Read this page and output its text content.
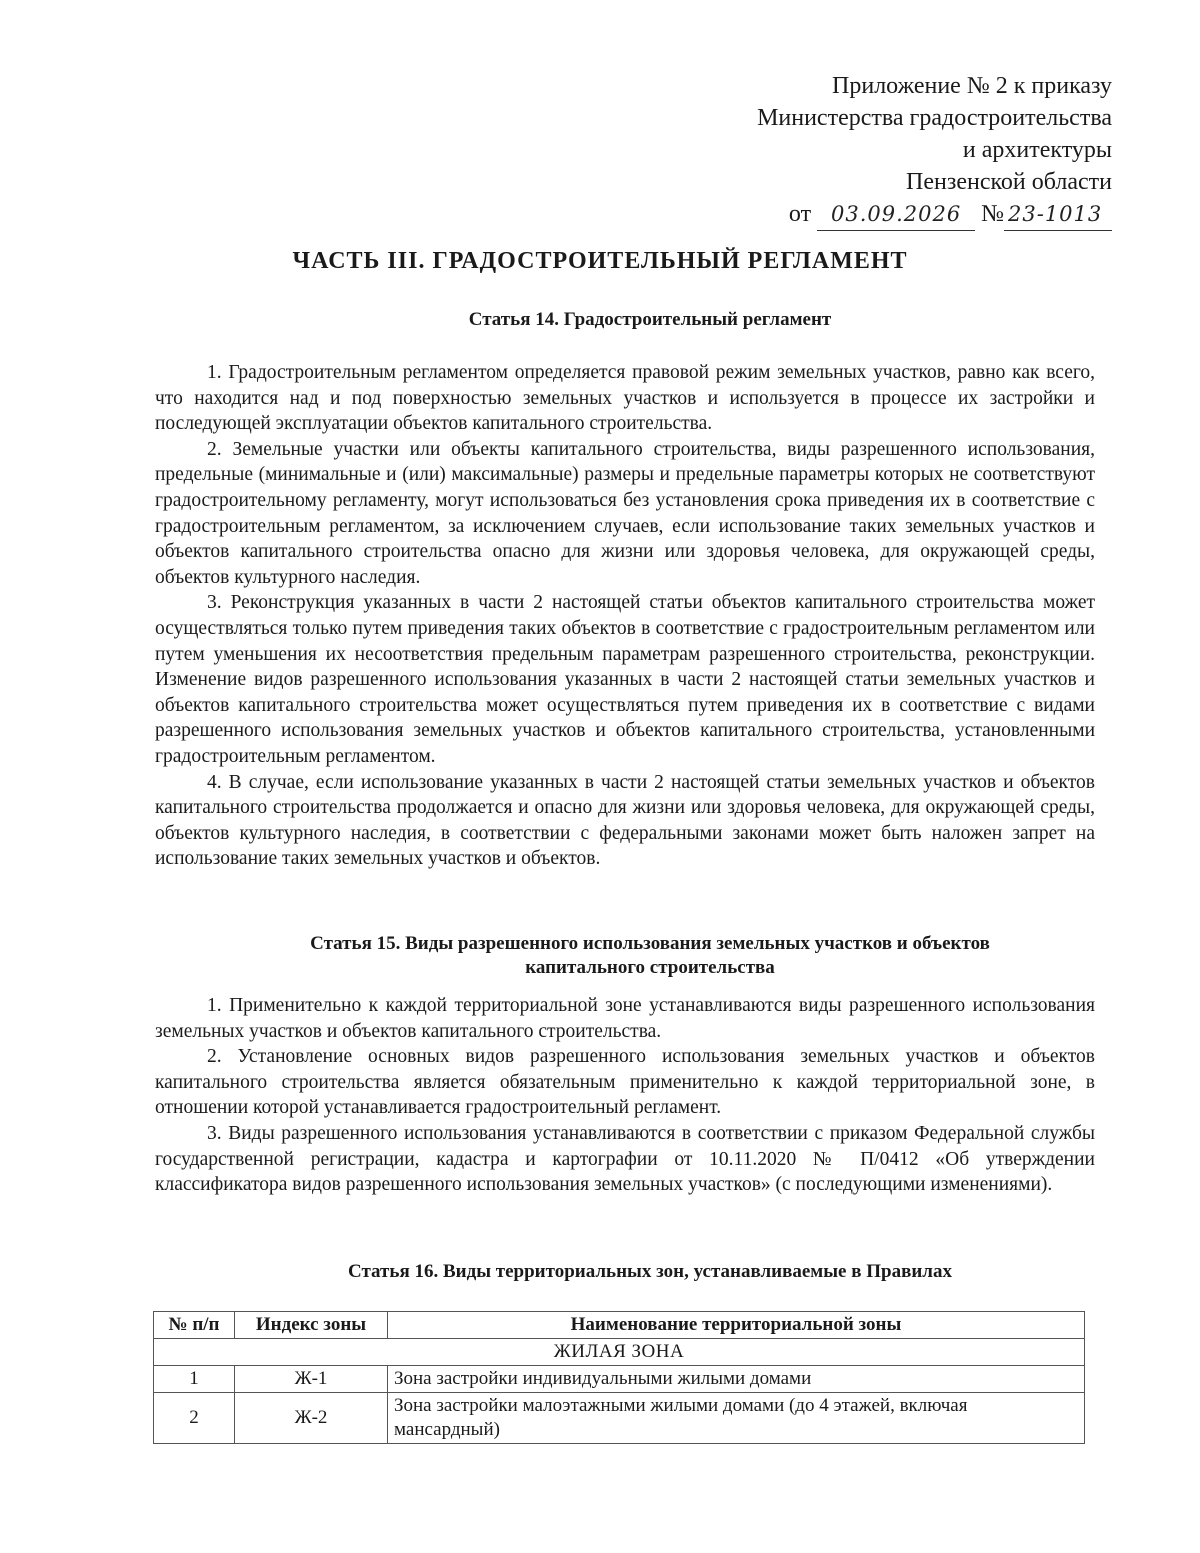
Приложение № 2 к приказу
Министерства градостроительства
и архитектуры
Пензенской области
от 03.09.2026 № 23-1013
ЧАСТЬ III. ГРАДОСТРОИТЕЛЬНЫЙ РЕГЛАМЕНТ
Статья 14. Градостроительный регламент

1. Градостроительным регламентом определяется правовой режим земельных участков, равно как всего, что находится над и под поверхностью земельных участков и используется в процессе их застройки и последующей эксплуатации объектов капитального строительства.

2. Земельные участки или объекты капитального строительства, виды разрешенного использования, предельные (минимальные и (или) максимальные) размеры и предельные параметры которых не соответствуют градостроительному регламенту, могут использоваться без установления срока приведения их в соответствие с градостроительным регламентом, за исключением случаев, если использование таких земельных участков и объектов капитального строительства опасно для жизни или здоровья человека, для окружающей среды, объектов культурного наследия.

3. Реконструкция указанных в части 2 настоящей статьи объектов капитального строительства может осуществляться только путем приведения таких объектов в соответствие с градостроительным регламентом или путем уменьшения их несоответствия предельным параметрам разрешенного строительства, реконструкции. Изменение видов разрешенного использования указанных в части 2 настоящей статьи земельных участков и объектов капитального строительства может осуществляться путем приведения их в соответствие с видами разрешенного использования земельных участков и объектов капитального строительства, установленными градостроительным регламентом.

4. В случае, если использование указанных в части 2 настоящей статьи земельных участков и объектов капитального строительства продолжается и опасно для жизни или здоровья человека, для окружающей среды, объектов культурного наследия, в соответствии с федеральными законами может быть наложен запрет на использование таких земельных участков и объектов.

Статья 15. Виды разрешенного использования земельных участков и объектов
капитального строительства

1. Применительно к каждой территориальной зоне устанавливаются виды разрешенного использования земельных участков и объектов капитального строительства.

2. Установление основных видов разрешенного использования земельных участков и объектов капитального строительства является обязательным применительно к каждой территориальной зоне, в отношении которой устанавливается градостроительный регламент.

3. Виды разрешенного использования устанавливаются в соответствии с приказом Федеральной службы государственной регистрации, кадастра и картографии от 10.11.2020 № П/0412 «Об утверждении классификатора видов разрешенного использования земельных участков» (с последующими изменениями).

Статья 16. Виды территориальных зон, устанавливаемые в Правилах
№ п/п	Индекс зоны	Наименование территориальной зоны
ЖИЛАЯ ЗОНА		
1	Ж-1	Зона застройки индивидуальными жилыми домами
2	Ж-2	Зона застройки малоэтажными жилыми домами (до 4 этажей, включая мансардный)
